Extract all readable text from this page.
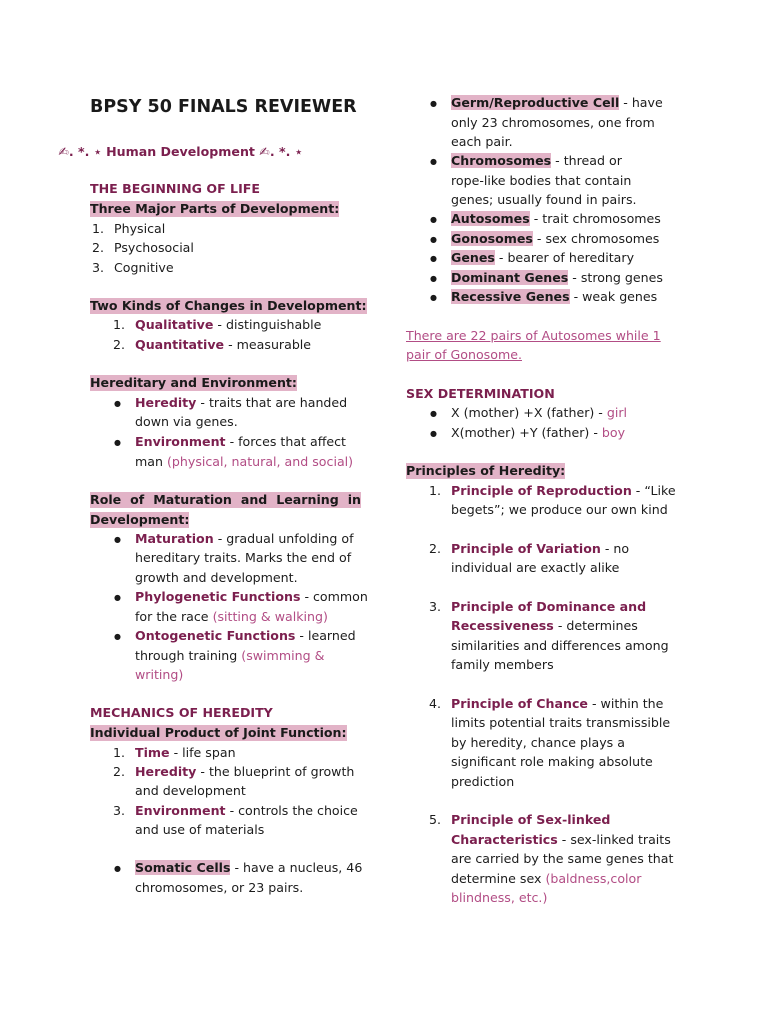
BPSY 50 FINALS REVIEWER
✍︎. *. ⋆ Human Development ✍︎. *. ⋆
THE BEGINNING OF LIFE
Three Major Parts of Development:
1. Physical
2. Psychosocial
3. Cognitive
Two Kinds of Changes in Development:
1. Qualitative - distinguishable
2. Quantitative - measurable
Hereditary and Environment:
● Heredity - traits that are handed
down via genes.
● Environment - forces that affect
man (physical, natural, and social)
Role of Maturation and Learning in
Development:
● Maturation - gradual unfolding of
hereditary traits. Marks the end of
growth and development.
● Phylogenetic Functions - common
for the race (sitting & walking)
● Ontogenetic Functions - learned
through training (swimming &
writing)
MECHANICS OF HEREDITY
Individual Product of Joint Function:
1. Time - life span
2. Heredity - the blueprint of growth
and development
3. Environment - controls the choice
and use of materials
● Somatic Cells - have a nucleus, 46
chromosomes, or 23 pairs.
● Germ/Reproductive Cell - have
only 23 chromosomes, one from
each pair.
● Chromosomes - thread or
rope-like bodies that contain
genes; usually found in pairs.
● Autosomes - trait chromosomes
● Gonosomes - sex chromosomes
● Genes - bearer of hereditary
● Dominant Genes - strong genes
● Recessive Genes - weak genes
There are 22 pairs of Autosomes while 1
pair of Gonosome.
SEX DETERMINATION
● X (mother) +X (father) - girl
● X(mother) +Y (father) - boy
Principles of Heredity:
1. Principle of Reproduction - “Like
begets”; we produce our own kind
2. Principle of Variation - no
individual are exactly alike
3. Principle of Dominance and
Recessiveness - determines
similarities and differences among
family members
4. Principle of Chance - within the
limits potential traits transmissible
by heredity, chance plays a
significant role making absolute
prediction
5. Principle of Sex-linked
Characteristics - sex-linked traits
are carried by the same genes that
determine sex (baldness,color
blindness, etc.)
